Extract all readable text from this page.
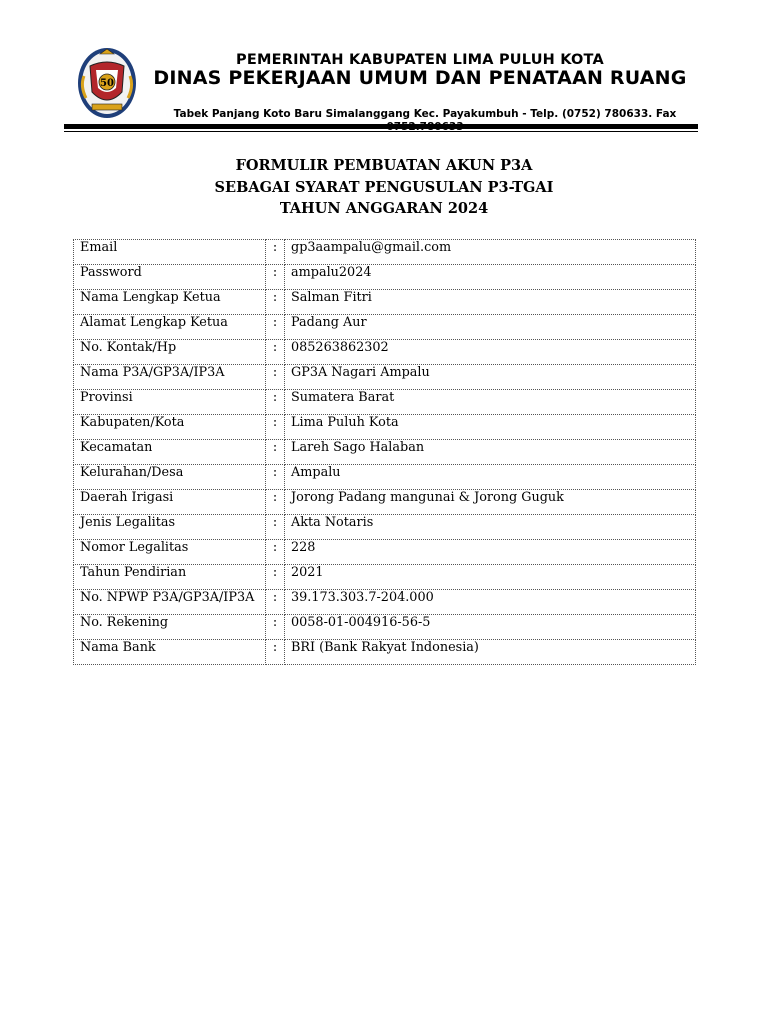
50
PEMERINTAH KABUPATEN LIMA PULUH KOTA
DINAS PEKERJAAN UMUM DAN PENATAAN RUANG
Tabek Panjang Koto Baru Simalanggang Kec. Payakumbuh - Telp. (0752) 780633. Fax
FORMULIR PEMBUATAN AKUN P3A
SEBAGAI SYARAT PENGUSULAN P3-TGAI
TAHUN ANGGARAN 2024
Email	:	gp3aampalu@gmail.com
Password	:	ampalu2024
Nama Lengkap Ketua	:	Salman Fitri
Alamat Lengkap Ketua	:	Padang Aur
No. Kontak/Hp	:	085263862302
Nama P3A/GP3A/IP3A	:	GP3A Nagari Ampalu
Provinsi	:	Sumatera Barat
Kabupaten/Kota	:	Lima Puluh Kota
Kecamatan	:	Lareh Sago Halaban
Kelurahan/Desa	:	Ampalu
Daerah Irigasi	:	Jorong Padang mangunai & Jorong Guguk
Jenis Legalitas	:	Akta Notaris
Nomor Legalitas	:	228
Tahun Pendirian	:	2021
No. NPWP P3A/GP3A/IP3A	:	39.173.303.7-204.000
No. Rekening	:	0058-01-004916-56-5
Nama Bank	:	BRI (Bank Rakyat Indonesia)
